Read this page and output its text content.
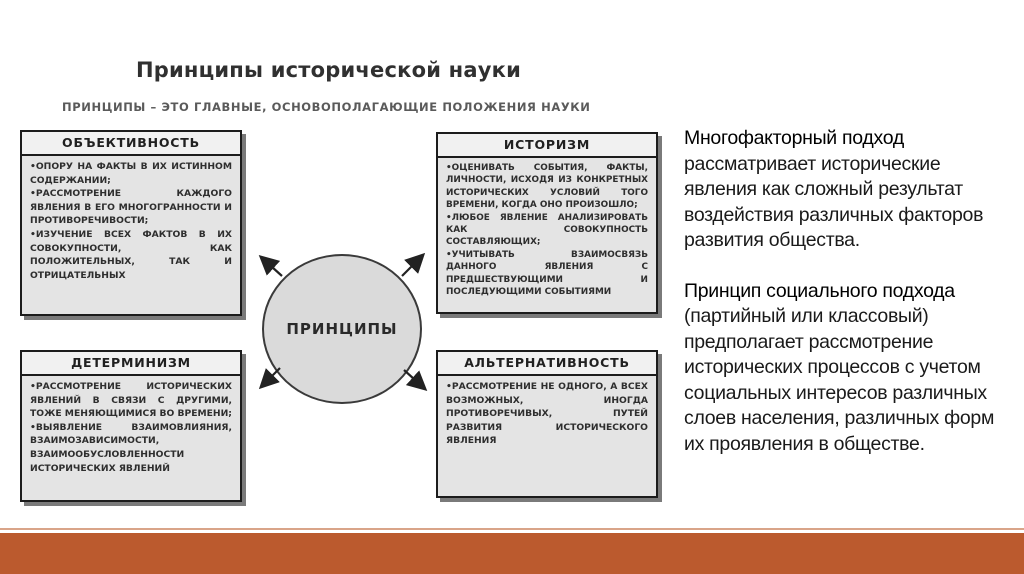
Принципы исторической науки
ПРИНЦИПЫ – ЭТО ГЛАВНЫЕ, ОСНОВОПОЛАГАЮЩИЕ ПОЛОЖЕНИЯ НАУКИ
ОБЪЕКТИВНОСТЬ

•ОПОРУ НА ФАКТЫ В ИХ ИСТИННОМ СОДЕРЖАНИИ;

•РАССМОТРЕНИЕ КАЖДОГО ЯВЛЕНИЯ В ЕГО МНОГОГРАННОСТИ И ПРОТИВОРЕЧИВОСТИ;

•ИЗУЧЕНИЕ ВСЕХ ФАКТОВ В ИХ СОВОКУПНОСТИ, КАК ПОЛОЖИТЕЛЬНЫХ, ТАК И ОТРИЦАТЕЛЬНЫХ

ИСТОРИЗМ

•ОЦЕНИВАТЬ СОБЫТИЯ, ФАКТЫ, ЛИЧНОСТИ, ИСХОДЯ ИЗ КОНКРЕТНЫХ ИСТОРИЧЕСКИХ УСЛОВИЙ ТОГО ВРЕМЕНИ, КОГДА ОНО ПРОИЗОШЛО;

•ЛЮБОЕ ЯВЛЕНИЕ АНАЛИЗИРОВАТЬ КАК СОВОКУПНОСТЬ СОСТАВЛЯЮЩИХ;

•УЧИТЫВАТЬ ВЗАИМОСВЯЗЬ ДАННОГО ЯВЛЕНИЯ С ПРЕДШЕСТВУЮЩИМИ И ПОСЛЕДУЮЩИМИ СОБЫТИЯМИ

ДЕТЕРМИНИЗМ

•РАССМОТРЕНИЕ ИСТОРИЧЕСКИХ ЯВЛЕНИЙ В СВЯЗИ С ДРУГИМИ, ТОЖЕ МЕНЯЮЩИМИСЯ ВО ВРЕМЕНИ;

•ВЫЯВЛЕНИЕ ВЗАИМОВЛИЯНИЯ, ВЗАИМОЗАВИСИМОСТИ, ВЗАИМООБУСЛОВЛЕННОСТИ ИСТОРИЧЕСКИХ ЯВЛЕНИЙ

АЛЬТЕРНАТИВНОСТЬ

•РАССМОТРЕНИЕ НЕ ОДНОГО, А ВСЕХ ВОЗМОЖНЫХ, ИНОГДА ПРОТИВОРЕЧИВЫХ, ПУТЕЙ РАЗВИТИЯ ИСТОРИЧЕСКОГО ЯВЛЕНИЯ

ПРИНЦИПЫ

Многофакторный подход

рассматривает исторические явления как сложный результат воздействия различных факторов развития общества.

Принцип социального подхода

(партийный или классовый) предполагает рассмотрение исторических процессов с учетом социальных интересов различных слоев населения, различных форм их проявления в обществе.
